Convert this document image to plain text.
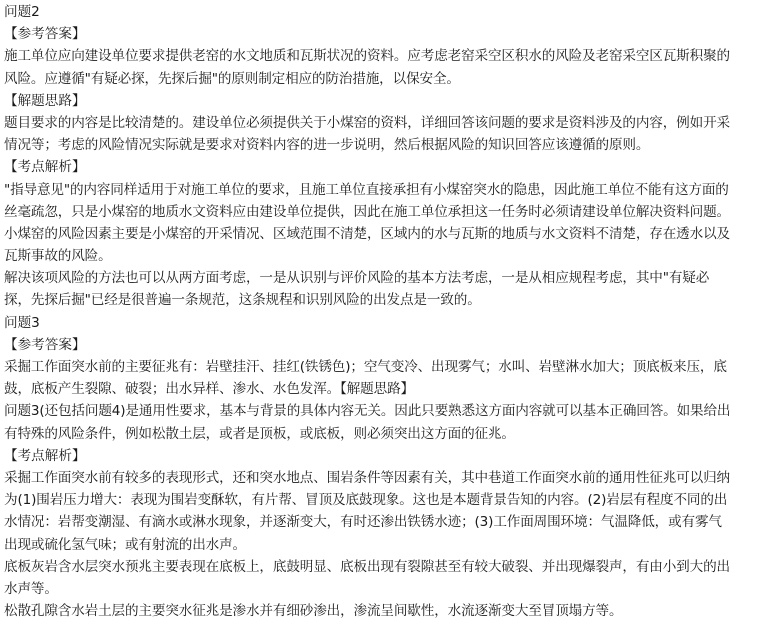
问题2
【参考答案】
施工单位应向建设单位要求提供老窑的水文地质和瓦斯状况的资料。应考虑老窑采空区积水的风险及老窑采空区瓦斯积聚的
风险。应遵循"有疑必探，先探后掘"的原则制定相应的防治措施，以保安全。
【解题思路】
题目要求的内容是比较清楚的。建设单位必须提供关于小煤窑的资料，详细回答该问题的要求是资料涉及的内容，例如开采
情况等；考虑的风险情况实际就是要求对资料内容的进一步说明，然后根据风险的知识回答应该遵循的原则。
【考点解析】
"指导意见"的内容同样适用于对施工单位的要求，且施工单位直接承担有小煤窑突水的隐患，因此施工单位不能有这方面的
丝毫疏忽，只是小煤窑的地质水文资料应由建设单位提供，因此在施工单位承担这一任务时必须请建设单位解决资料问题。
小煤窑的风险因素主要是小煤窑的开采情况、区域范围不清楚，区域内的水与瓦斯的地质与水文资料不清楚，存在透水以及
瓦斯事故的风险。
解决该项风险的方法也可以从两方面考虑，一是从识别与评价风险的基本方法考虑，一是从相应规程考虑，其中"有疑必
探，先探后掘"已经是很普遍一条规范，这条规程和识别风险的出发点是一致的。
问题3
【参考答案】
采掘工作面突水前的主要征兆有：岩壁挂汗、挂红(铁锈色)；空气变冷、出现雾气；水叫、岩壁淋水加大；顶底板来压，底
鼓，底板产生裂隙、破裂；出水异样、渗水、水色发浑。【解题思路】
问题3(还包括问题4)是通用性要求，基本与背景的具体内容无关。因此只要熟悉这方面内容就可以基本正确回答。如果给出
有特殊的风险条件，例如松散土层，或者是顶板，或底板，则必须突出这方面的征兆。
【考点解析】
采掘工作面突水前有较多的表现形式，还和突水地点、围岩条件等因素有关，其中巷道工作面突水前的通用性征兆可以归纳
为(1)围岩压力增大：表现为围岩变酥软，有片帮、冒顶及底鼓现象。这也是本题背景告知的内容。(2)岩层有程度不同的出
水情况：岩帮变潮湿、有滴水或淋水现象，并逐渐变大，有时还渗出铁锈水迹；(3)工作面周围环境：气温降低，或有雾气
出现或硫化氢气味；或有射流的出水声。
底板灰岩含水层突水预兆主要表现在底板上，底鼓明显、底板出现有裂隙甚至有较大破裂、并出现爆裂声，有由小到大的出
水声等。
松散孔隙含水岩土层的主要突水征兆是渗水并有细砂渗出，渗流呈间歇性，水流逐渐变大至冒顶塌方等。
